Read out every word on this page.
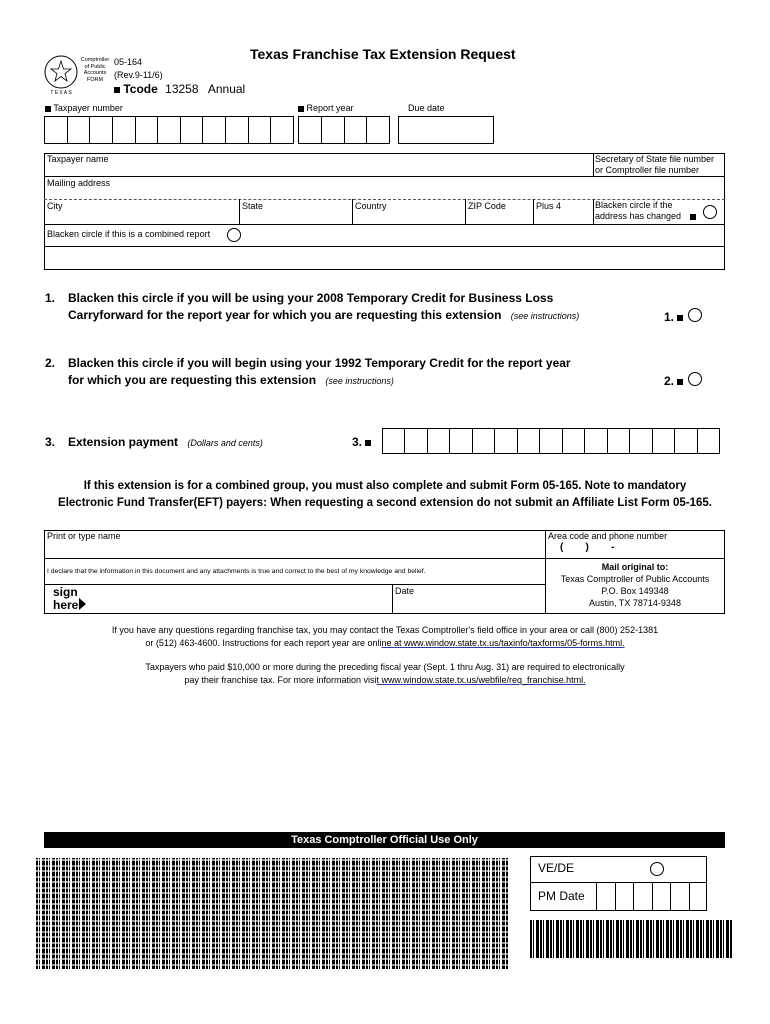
T E X A S
Comptroller
of Public
Accounts
FORM
05-164
(Rev.9-11/6)
Texas Franchise Tax Extension Request
Tcode 13258 Annual
Taxpayer number	Report year	Due date
Taxpayer name	Secretary of State file number
or Comptroller file number
Mailing address
City	State	Country	ZIP Code	Plus 4	Blacken circle if the
address has changed
Blacken circle if this is a combined report
1. Blacken this circle if you will be using your 2008 Temporary Credit for Business Loss
Carryforward for the report year for which you are requesting this extension (see instructions)	1.
2. Blacken this circle if you will begin using your 1992 Temporary Credit for the report year
for which you are requesting this extension (see instructions)	2.
3. Extension payment (Dollars and cents)	3.
If this extension is for a combined group, you must also complete and submit Form 05-165. Note to mandatory
Electronic Fund Transfer(EFT) payers: When requesting a second extension do not submit an Affiliate List Form 05-165.
Print or type name	Area code and phone number
(        )        -
I declare that the information in this document and any attachments is true and correct to the best of my knowledge and belief.
sign
here
Date
Mail original to:
Texas Comptroller of Public Accounts
P.O. Box 149348
Austin, TX 78714-9348
If you have any questions regarding franchise tax, you may contact the Texas Comptroller's field office in your area or call (800) 252-1381
or (512) 463-4600. Instructions for each report year are online at www.window.state.tx.us/taxinfo/taxforms/05-forms.html.
Taxpayers who paid $10,000 or more during the preceding fiscal year (Sept. 1 thru Aug. 31) are required to electronically
pay their franchise tax. For more information visit www.window.state.tx.us/webfile/req_franchise.html.
Texas Comptroller Official Use Only
VE/DE
PM Date
